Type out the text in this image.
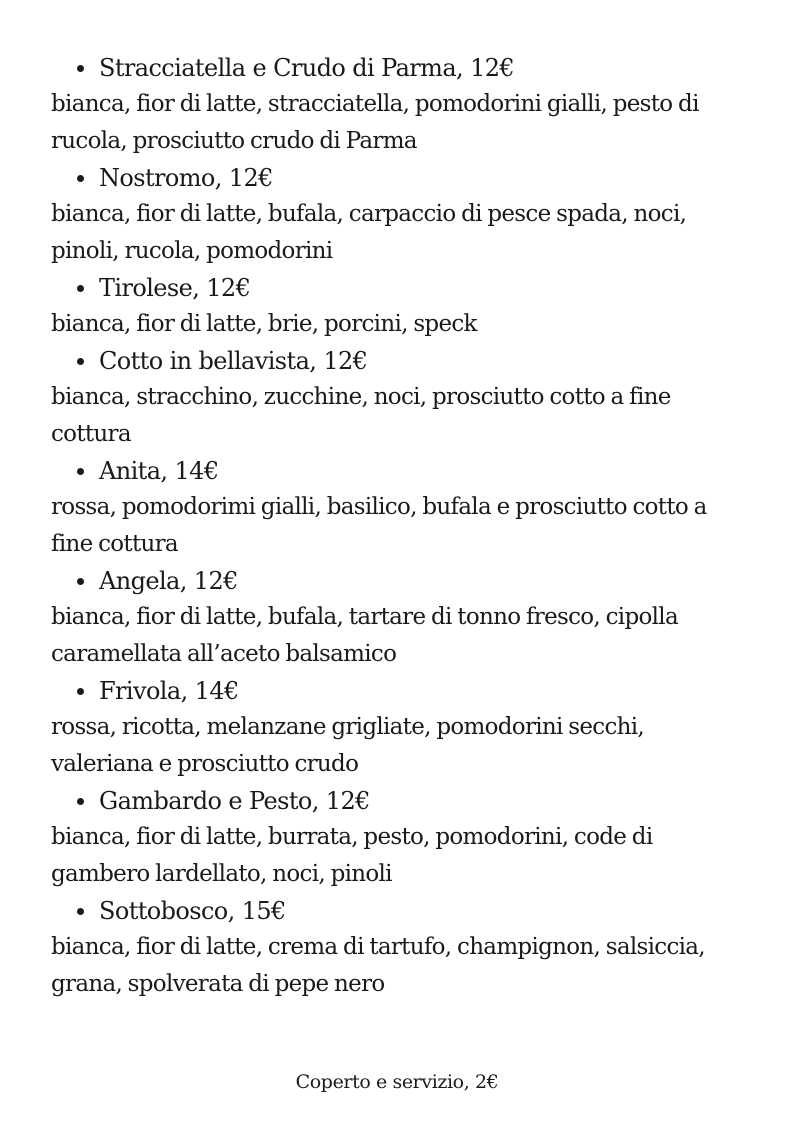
Stracciatella e Crudo di Parma, 12€

bianca, fior di latte, stracciatella, pomodorini gialli, pesto di rucola, prosciutto crudo di Parma

Nostromo, 12€

bianca, fior di latte, bufala, carpaccio di pesce spada, noci, pinoli, rucola, pomodorini

Tirolese, 12€

bianca, fior di latte, brie, porcini, speck

Cotto in bellavista, 12€

bianca, stracchino, zucchine, noci, prosciutto cotto a fine cottura

Anita, 14€

rossa, pomodorimi gialli, basilico, bufala e prosciutto cotto a fine cottura

Angela, 12€

bianca, fior di latte, bufala, tartare di tonno fresco, cipolla caramellata all’aceto balsamico

Frivola, 14€

rossa, ricotta, melanzane grigliate, pomodorini secchi, valeriana e prosciutto crudo

Gambardo e Pesto, 12€

bianca, fior di latte, burrata, pesto, pomodorini, code di gambero lardellato, noci, pinoli

Sottobosco, 15€

bianca, fior di latte, crema di tartufo, champignon, salsiccia, grana, spolverata di pepe nero

Coperto e servizio, 2€
